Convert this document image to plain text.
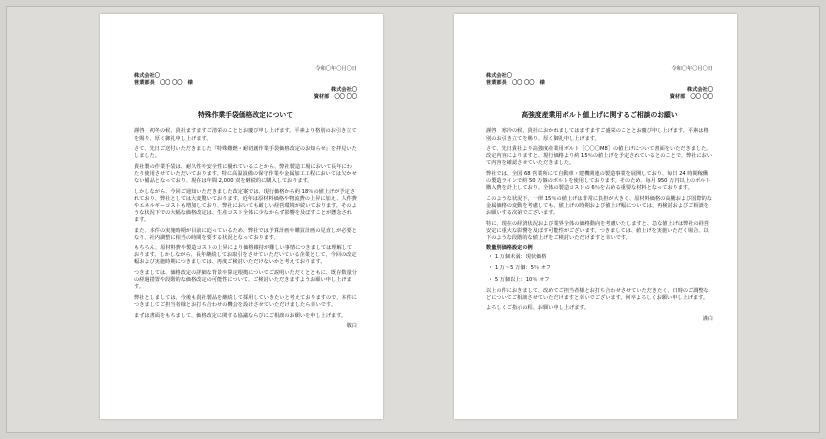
令和〇年〇月〇日
株式会社〇
営業部長　〇〇 〇〇　様
株式会社〇
資材部　〇〇 〇〇
特殊作業手袋価格改定について
謹啓　初冬の候、貴社ますますご清栄のこととお慶び申し上げます。平素より格別のお引き立てを賜り、厚く御礼申し上げます。
さて、先日ご送付いただきました『特殊難燃・耐切創作業手袋価格改定のお知らせ』を拝見いたしました。
貴社製の作業手袋は、耐久性や安全性に優れていることから、弊社製造工場において長年にわたり使用させていただいております。特に高温設備の保守作業や金属加工工程においては欠かせない備品となっており、現在は年間 2,000 双を継続的に購入しております。
しかしながら、今回ご通知いただきました改定案では、現行価格から約 18％の値上げが予定されており、弊社としては大変驚いております。近年は原材料価格や物流費の上昇に加え、人件費やエネルギーコストも増加しており、弊社においても厳しい経営環境が続いております。そのような状況下での大幅な価格改定は、生産コスト全体に少なからず影響を及ぼすことが懸念されます。
また、本件の実施時期が目前に迫っているため、弊社では予算計画や購買計画の見直しが必要となり、社内調整に相当の時間を要する状況となっております。
もちろん、原材料費や製造コストの上昇により価格維持が難しい事情につきましては理解しております。しかしながら、長年継続してお取引をさせていただいている企業として、今回の改定幅および実施時期につきましては、再度ご検討いただけないかと考えております。
つきましては、価格改定の詳細な背景や算定根拠についてご説明いただくとともに、既存数量分の経過措置や段階的な価格改定の可能性について、ご検討いただきますようお願い申し上げます。
弊社としましては、今後も貴社製品を継続して採用していきたいと考えておりますので、本件につきましてご担当者様とお打ち合わせの機会を設けさせていただけましたら幸いです。
まずは書面をもちまして、価格改定に関する協議ならびにご相談のお願いを申し上げます。
敬白
令和〇年〇月〇日
株式会社〇
営業部長　〇〇 〇〇　様
株式会社〇
資材部　〇〇 〇〇
高強度産業用ボルト値上げに関するご相談のお願い
謹啓　寒冷の候、貴社におかれましてはますますご盛栄のこととお慶び申し上げます。平素は格別のお引き立てを賜り、厚く御礼申し上げます。
さて、先日貴社より高強度産業用ボルト［〇〇〇M8］の値上げについて書面をいただきました。改定内容によりますと、現行価格より約 15％の値上げを予定されているとのことで、弊社において内容を確認させていただきました。
弊社では、全国 68 営業所にて自動車・建機関連の製造事業を展開しており、毎日 24 時間稼働の製造ラインで約 50 万個のボルトを使用しております。そのため、毎月 950 万円以上のボルト購入費を計上しており、全体の製造コストの 6％を占める重要な材料となっております。
このような状況下、一律 15％の値上げは非常に負担が大きく、原材料価格の高騰および国際的な金属価格の変動を考慮しても、値上げの時期および値上げ幅については、再検討およびご相談をお願いする次第でございます。
特に、現在の経済状況および業界全体の価格動向を考慮いたしますと、急な値上げは弊社の経営安定に重大な影響を及ぼす可能性がございます。つきましては、値上げを実施いただく場合、以下のような段階的な値上げをご検討いただけますと幸いです。
数量別価格設定の例
・ 1 万個未満：現状価格
・ 1 万～5 万個：5％ オフ
・ 5 万個以上：10％ オフ
以上の件におきまして、改めてご担当者様とお打ち合わせさせていただきたく、日時のご調整などについてご相談させていただけますと幸いでございます。何卒よろしくお願い申し上げます。
よろしくご指示の程、お願い申し上げます。
謹白
